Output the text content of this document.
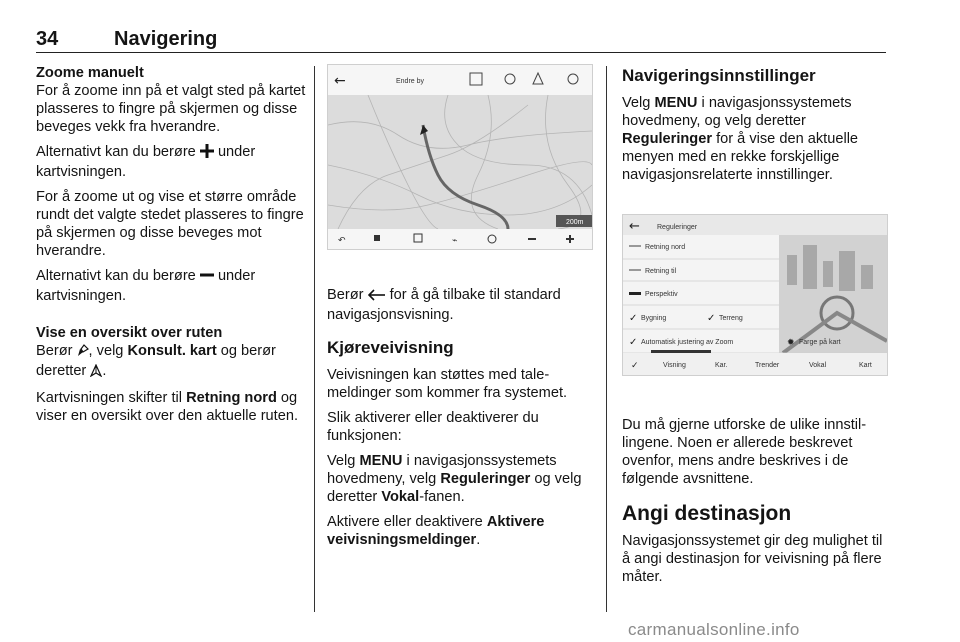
34	Navigering
Zoome manuelt

For å zoome inn på et valgt sted på kartet plasseres to fingre på skjermen og disse beveges vekk fra hverandre.

Alternativt kan du berøre under kartvisningen.

For å zoome ut og vise et større område rundt det valgte stedet plasseres to fingre på skjermen og disse beveges mot hverandre.

Alternativt kan du berøre under kartvisningen.

Vise en oversikt over ruten

Berør , velg Konsult. kart og berør deretter .

Kartvisningen skifter til Retning nord og viser en oversikt over den aktuelle ruten.

←	Endre by
200m
↶	⌁

Berør for å gå tilbake til standard navigasjonsvisning.

Kjøreveivisning

Veivisningen kan støttes med talemeldinger som kommer fra systemet.

Slik aktiverer eller deaktiverer du funksjonen:

Velg MENU i navigasjonssystemets hovedmeny, velg Reguleringer og velg deretter Vokal-fanen.

Aktivere eller deaktivere Aktivere veivisningsmeldinger.

Navigeringsinnstillinger

Velg MENU i navigasjonssystemets hovedmeny, og velg deretter Reguleringer for å vise den aktuelle menyen med en rekke forskjellige navigasjonsrelaterte innstillinger.

← Reguleringer
Retning nord
Retning til
Perspektiv
✓ Bygning	✓ Terreng
✓ Automatisk justering av Zoom	✹ Farge på kart
✓	Visning	Kar.	Trender	Vokal	Kart

Du må gjerne utforske de ulike innstillingene. Noen er allerede beskrevet ovenfor, mens andre beskrives i de følgende avsnittene.

Angi destinasjon

Navigasjonssystemet gir deg mulighet til å angi destinasjon for veivisning på flere måter.

carmanualsonline.info
